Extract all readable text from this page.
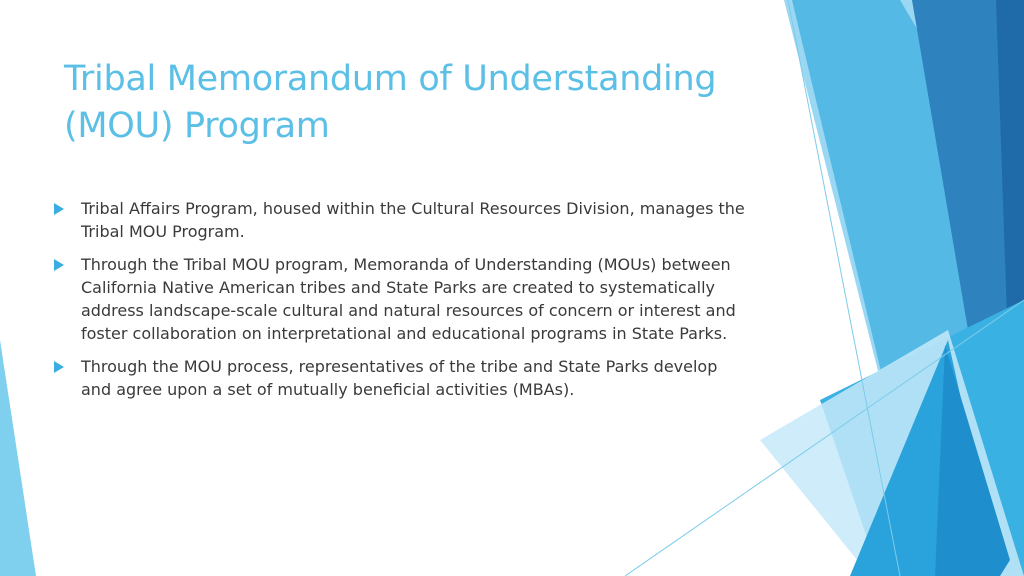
Tribal Memorandum of Understanding
(MOU) Program
Tribal Affairs Program, housed within the Cultural Resources Division, manages the Tribal MOU Program.
Through the Tribal MOU program, Memoranda of Understanding (MOUs) between California Native American tribes and State Parks are created to systematically address landscape-scale cultural and natural resources of concern or interest and foster collaboration on interpretational and educational programs in State Parks.
Through the MOU process, representatives of the tribe and State Parks develop and agree upon a set of mutually beneficial activities (MBAs).
